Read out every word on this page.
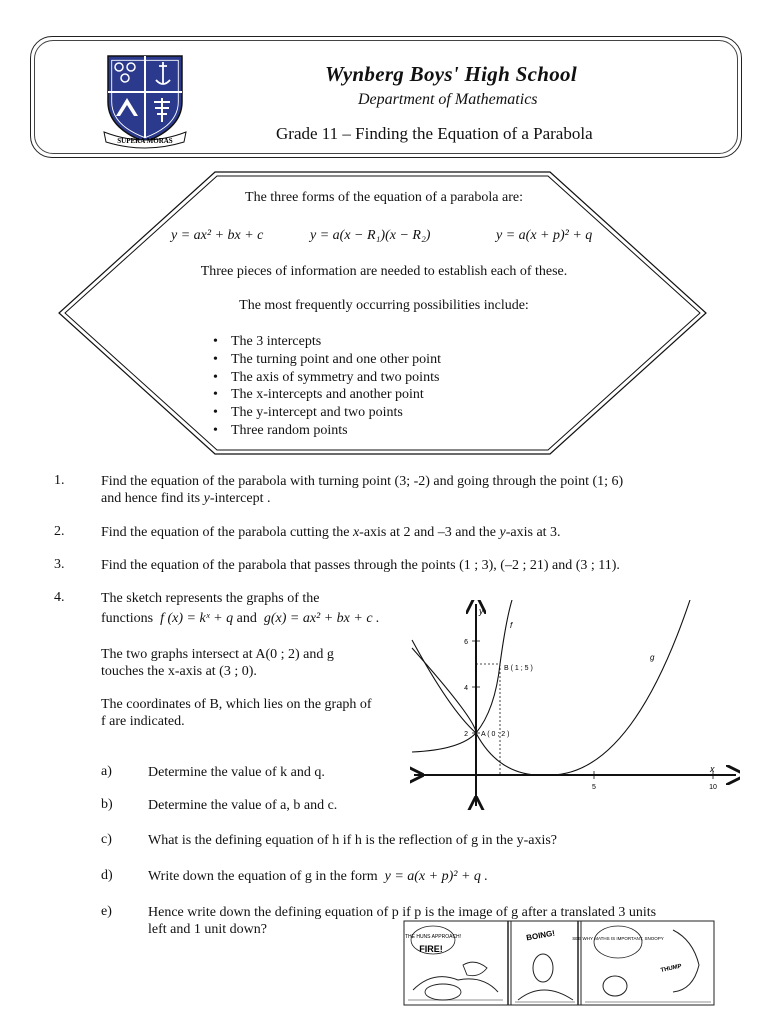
SUPERA MORAS
Wynberg Boys' High School
Department of Mathematics
Grade 11 – Finding the Equation of a Parabola
The three forms of the equation of a parabola are:
y = ax² + bx + c	y = a(x − R₁)(x − R₂)	y = a(x + p)² + q
Three pieces of information are needed to establish each of these.
The most frequently occurring possibilities include:
• The 3 intercepts
• The turning point and one other point
• The axis of symmetry and two points
• The x-intercepts and another point
• The y-intercept and two points
• Three random points
1.	Find the equation of the parabola with turning point (3; -2) and going through the point (1; 6)
and hence find its y-intercept .
2.	Find the equation of the parabola cutting the x-axis at 2 and –3 and the y-axis at 3.
3.	Find the equation of the parabola that passes through the points (1 ; 3), (–2 ; 21) and (3 ; 11).
4.	The sketch represents the graphs of the
functions f (x) = kˣ + q and g(x) = ax² + bx + c .
The two graphs intersect at A(0 ; 2) and g
touches the x-axis at (3 ; 0).
The coordinates of B, which lies on the graph of
f are indicated.
a)	Determine the value of k and q.
b)	Determine the value of a, b and c.
c)	What is the defining equation of h if h is the reflection of g in the y-axis?
d)	Write down the equation of g in the form y = a(x + p)² + q .
e)	Hence write down the defining equation of p if p is the image of g after a translated 3 units
left and 1 unit down?
2
4
6
5	10
y
x
f
g
A ( 0 ; 2 )
B ( 1 ; 5 )
THE HUNS APPROACH!
FIRE!
BOING!	SEE WHY MATHS IS IMPORTANT, SNOOPY
THUMP
